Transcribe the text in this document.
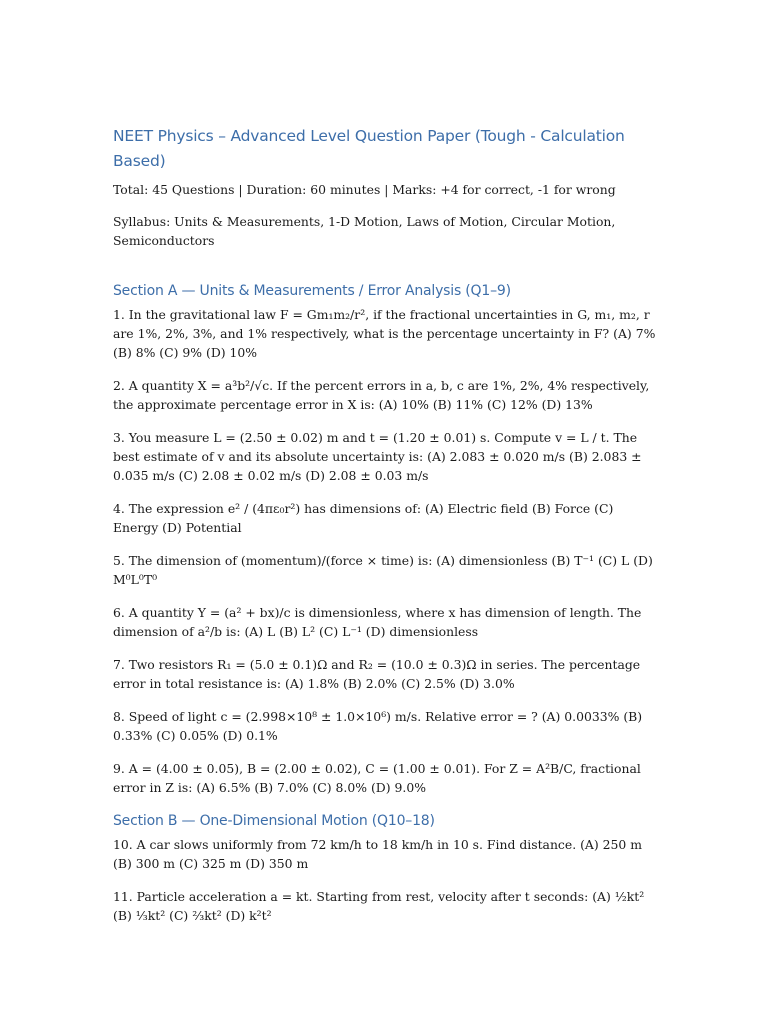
NEET Physics – Advanced Level Question Paper (Tough - Calculation Based)

Total: 45 Questions | Duration: 60 minutes | Marks: +4 for correct, -1 for wrong

Syllabus: Units & Measurements, 1-D Motion, Laws of Motion, Circular Motion, Semiconductors

Section A — Units & Measurements / Error Analysis (Q1–9)

1. In the gravitational law F = Gm₁m₂/r², if the fractional uncertainties in G, m₁, m₂, r are 1%, 2%, 3%, and 1% respectively, what is the percentage uncertainty in F? (A) 7% (B) 8% (C) 9% (D) 10%

2. A quantity X = a³b²/√c. If the percent errors in a, b, c are 1%, 2%, 4% respectively, the approximate percentage error in X is: (A) 10% (B) 11% (C) 12% (D) 13%

3. You measure L = (2.50 ± 0.02) m and t = (1.20 ± 0.01) s. Compute v = L / t. The best estimate of v and its absolute uncertainty is: (A) 2.083 ± 0.020 m/s (B) 2.083 ± 0.035 m/s (C) 2.08 ± 0.02 m/s (D) 2.08 ± 0.03 m/s

4. The expression e² / (4πε₀r²) has dimensions of: (A) Electric field (B) Force (C) Energy (D) Potential

5. The dimension of (momentum)/(force × time) is: (A) dimensionless (B) T⁻¹ (C) L (D) M⁰L⁰T⁰

6. A quantity Y = (a² + bx)/c is dimensionless, where x has dimension of length. The dimension of a²/b is: (A) L (B) L² (C) L⁻¹ (D) dimensionless

7. Two resistors R₁ = (5.0 ± 0.1)Ω and R₂ = (10.0 ± 0.3)Ω in series. The percentage error in total resistance is: (A) 1.8% (B) 2.0% (C) 2.5% (D) 3.0%

8. Speed of light c = (2.998×10⁸ ± 1.0×10⁶) m/s. Relative error = ? (A) 0.0033% (B) 0.33% (C) 0.05% (D) 0.1%

9. A = (4.00 ± 0.05), B = (2.00 ± 0.02), C = (1.00 ± 0.01). For Z = A²B/C, fractional error in Z is: (A) 6.5% (B) 7.0% (C) 8.0% (D) 9.0%

Section B — One-Dimensional Motion (Q10–18)

10. A car slows uniformly from 72 km/h to 18 km/h in 10 s. Find distance. (A) 250 m (B) 300 m (C) 325 m (D) 350 m

11. Particle acceleration a = kt. Starting from rest, velocity after t seconds: (A) ½kt² (B) ⅓kt² (C) ⅔kt² (D) k²t²
